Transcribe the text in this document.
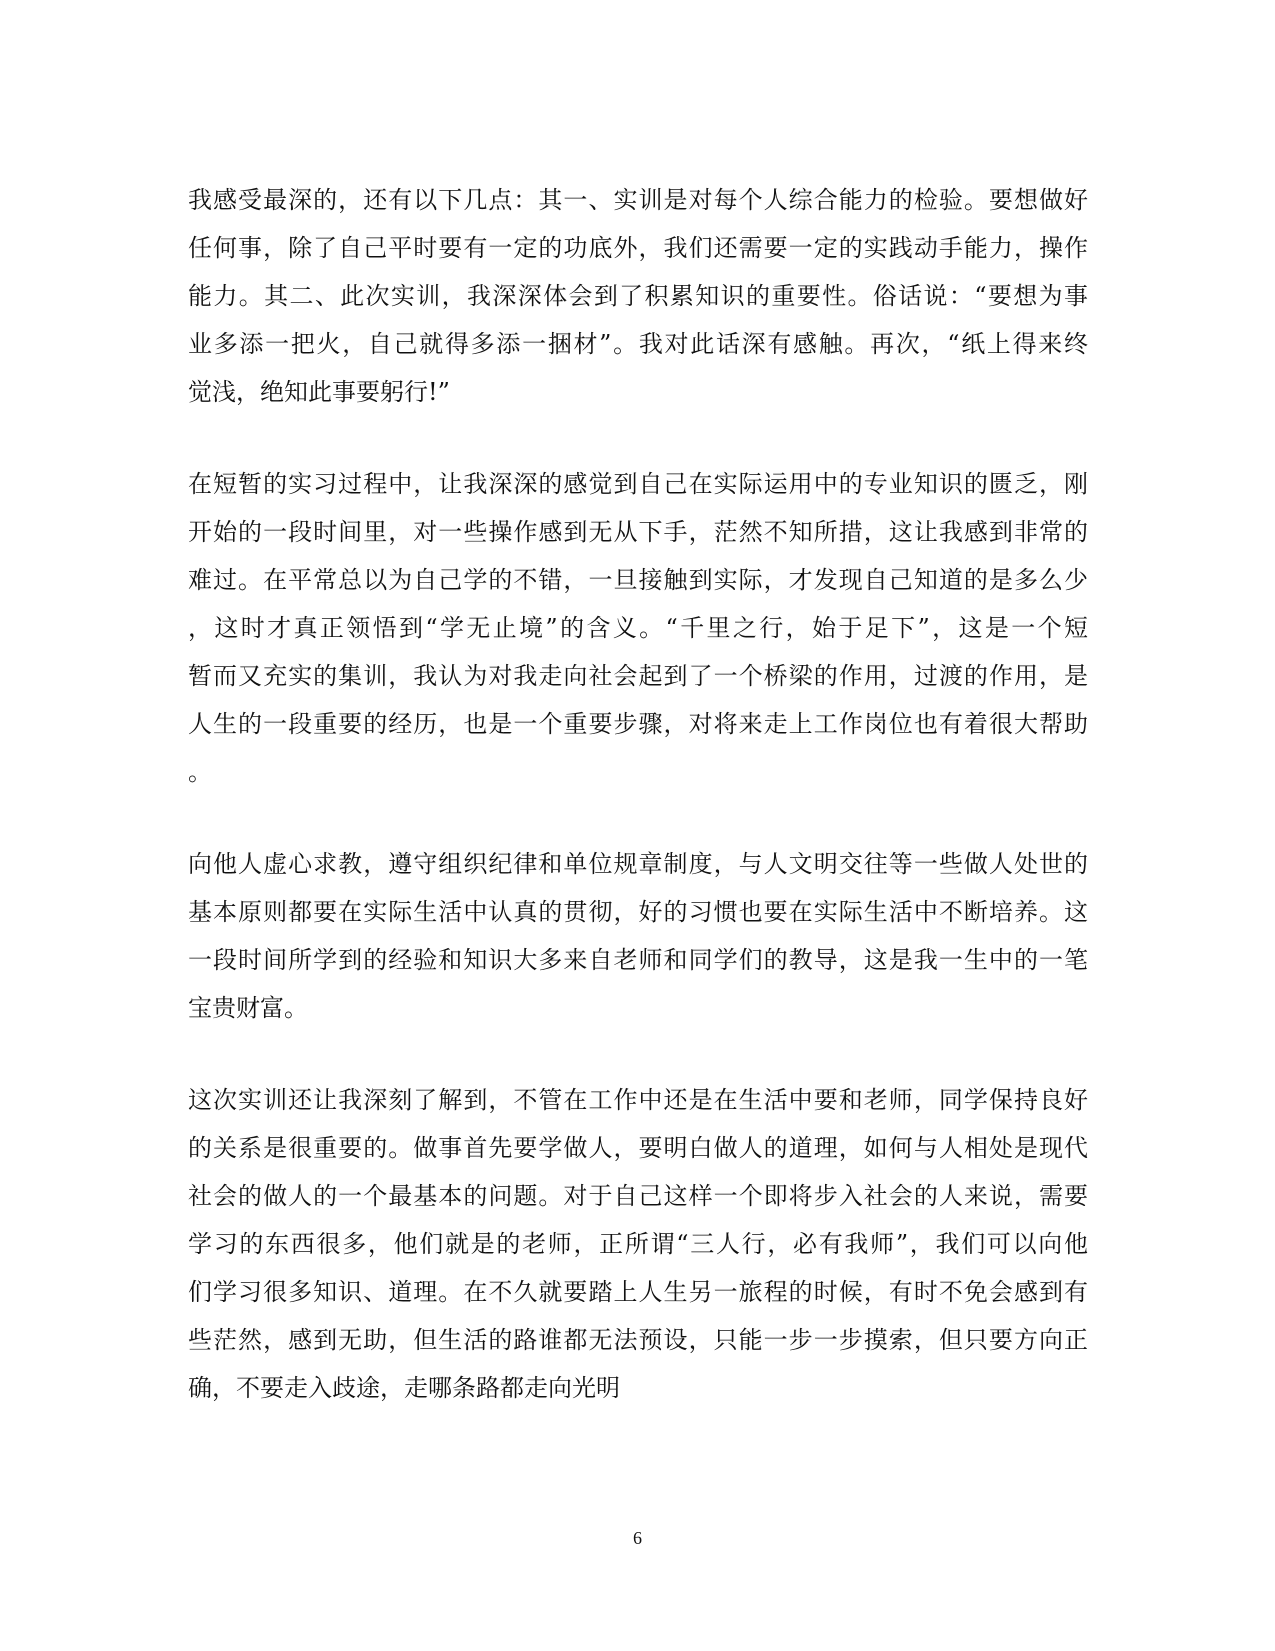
我感受最深的，还有以下几点：其一、实训是对每个人综合能力的检验。要想做好
任何事，除了自己平时要有一定的功底外，我们还需要一定的实践动手能力，操作
能力。其二、此次实训，我深深体会到了积累知识的重要性。俗话说：“要想为事
业多添一把火，自己就得多添一捆材”。我对此话深有感触。再次，“纸上得来终
觉浅，绝知此事要躬行!”
在短暂的实习过程中，让我深深的感觉到自己在实际运用中的专业知识的匮乏，刚
开始的一段时间里，对一些操作感到无从下手，茫然不知所措，这让我感到非常的
难过。在平常总以为自己学的不错，一旦接触到实际，才发现自己知道的是多么少
，这时才真正领悟到“学无止境”的含义。“千里之行，始于足下”，这是一个短
暂而又充实的集训，我认为对我走向社会起到了一个桥梁的作用，过渡的作用，是
人生的一段重要的经历，也是一个重要步骤，对将来走上工作岗位也有着很大帮助
。
向他人虚心求教，遵守组织纪律和单位规章制度，与人文明交往等一些做人处世的
基本原则都要在实际生活中认真的贯彻，好的习惯也要在实际生活中不断培养。这
一段时间所学到的经验和知识大多来自老师和同学们的教导，这是我一生中的一笔
宝贵财富。
这次实训还让我深刻了解到，不管在工作中还是在生活中要和老师，同学保持良好
的关系是很重要的。做事首先要学做人，要明白做人的道理，如何与人相处是现代
社会的做人的一个最基本的问题。对于自己这样一个即将步入社会的人来说，需要
学习的东西很多，他们就是的老师，正所谓“三人行，必有我师”，我们可以向他
们学习很多知识、道理。在不久就要踏上人生另一旅程的时候，有时不免会感到有
些茫然，感到无助，但生活的路谁都无法预设，只能一步一步摸索，但只要方向正
确，不要走入歧途，走哪条路都走向光明
6
